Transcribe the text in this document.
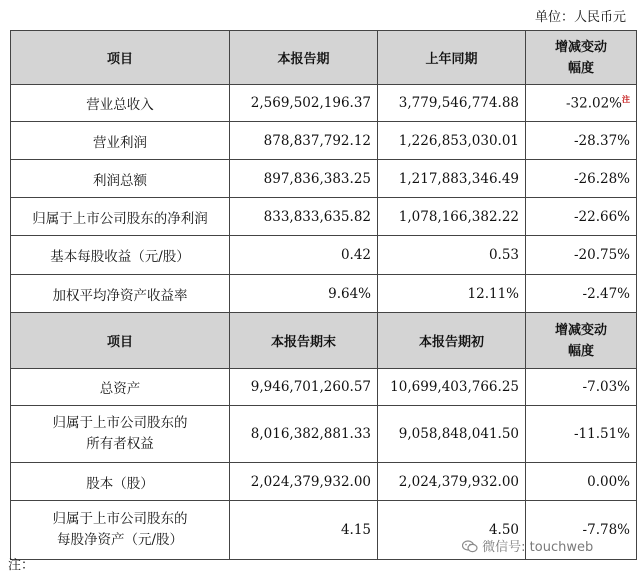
单位：人民币元
项目	本报告期	上年同期	增减变动
幅度
营业总收入	2,569,502,196.37	3,779,546,774.88	-32.02%$^注$
营业利润	878,837,792.12	1,226,853,030.01	-28.37%
利润总额	897,836,383.25	1,217,883,346.49	-26.28%
归属于上市公司股东的净利润	833,833,635.82	1,078,166,382.22	-22.66%
基本每股收益（元/股）	0.42	0.53	-20.75%
加权平均净资产收益率	9.64%	12.11%	-2.47%
项目	本报告期末	本报告期初	增减变动
幅度
总资产	9,946,701,260.57	10,699,403,766.25	-7.03%
归属于上市公司股东的
所有者权益	8,016,382,881.33	9,058,848,041.50	-11.51%
股本（股）	2,024,379,932.00	2,024,379,932.00	0.00%
归属于上市公司股东的
每股净资产（元/股）	4.15	4.50	-7.78%
微信号: touchweb
注：
